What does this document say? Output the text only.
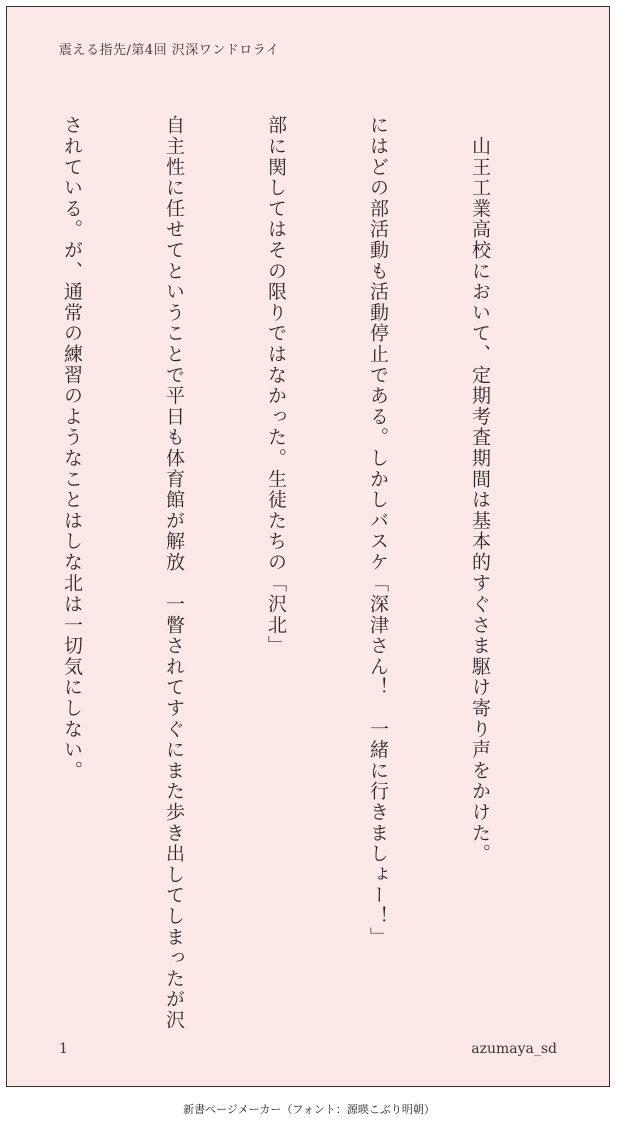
震える指先/第4回 沢深ワンドロライ

　山王工業高校において、定期考査期間は基本的

にはどの部活動も活動停止である。しかしバスケ

部に関してはその限りではなかった。生徒たちの

自主性に任せてということで平日も体育館が解放

されている。が、通常の練習のようなことはしな

すぐさま駆け寄り声をかけた。

「深津さん！　一緒に行きましょー！」

「沢北」

　一瞥されてすぐにまた歩き出してしまったが沢

北は一切気にしない。

1	azumaya_sd
新書ページメーカー（フォント：源暎こぶり明朝）
